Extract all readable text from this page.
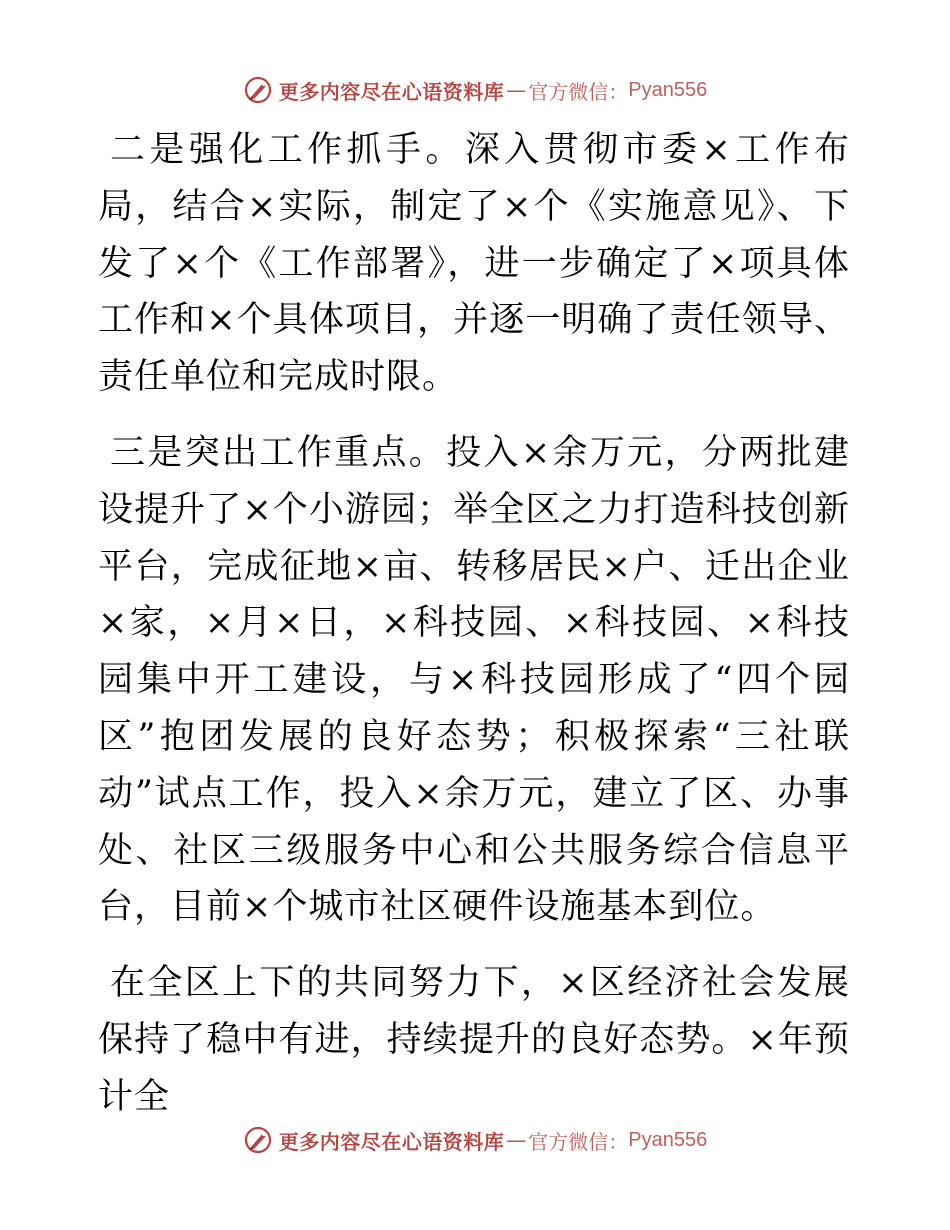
更多内容尽在心语资料库 — 官方微信： Pyan556

二是强化工作抓手。深入贯彻市委×工作布局，结合×实际，制定了×个《实施意见》、下发了×个《工作部署》，进一步确定了×项具体工作和×个具体项目，并逐一明确了责任领导、责任单位和完成时限。

三是突出工作重点。投入×余万元，分两批建设提升了×个小游园；举全区之力打造科技创新平台，完成征地×亩、转移居民×户、迁出企业×家，×月×日，×科技园、×科技园、×科技园集中开工建设，与×科技园形成了“四个园区”抱团发展的良好态势；积极探索“三社联动”试点工作，投入×余万元，建立了区、办事处、社区三级服务中心和公共服务综合信息平台，目前×个城市社区硬件设施基本到位。

在全区上下的共同努力下，×区经济社会发展保持了稳中有进，持续提升的良好态势。×年预计全

更多内容尽在心语资料库 — 官方微信： Pyan556
